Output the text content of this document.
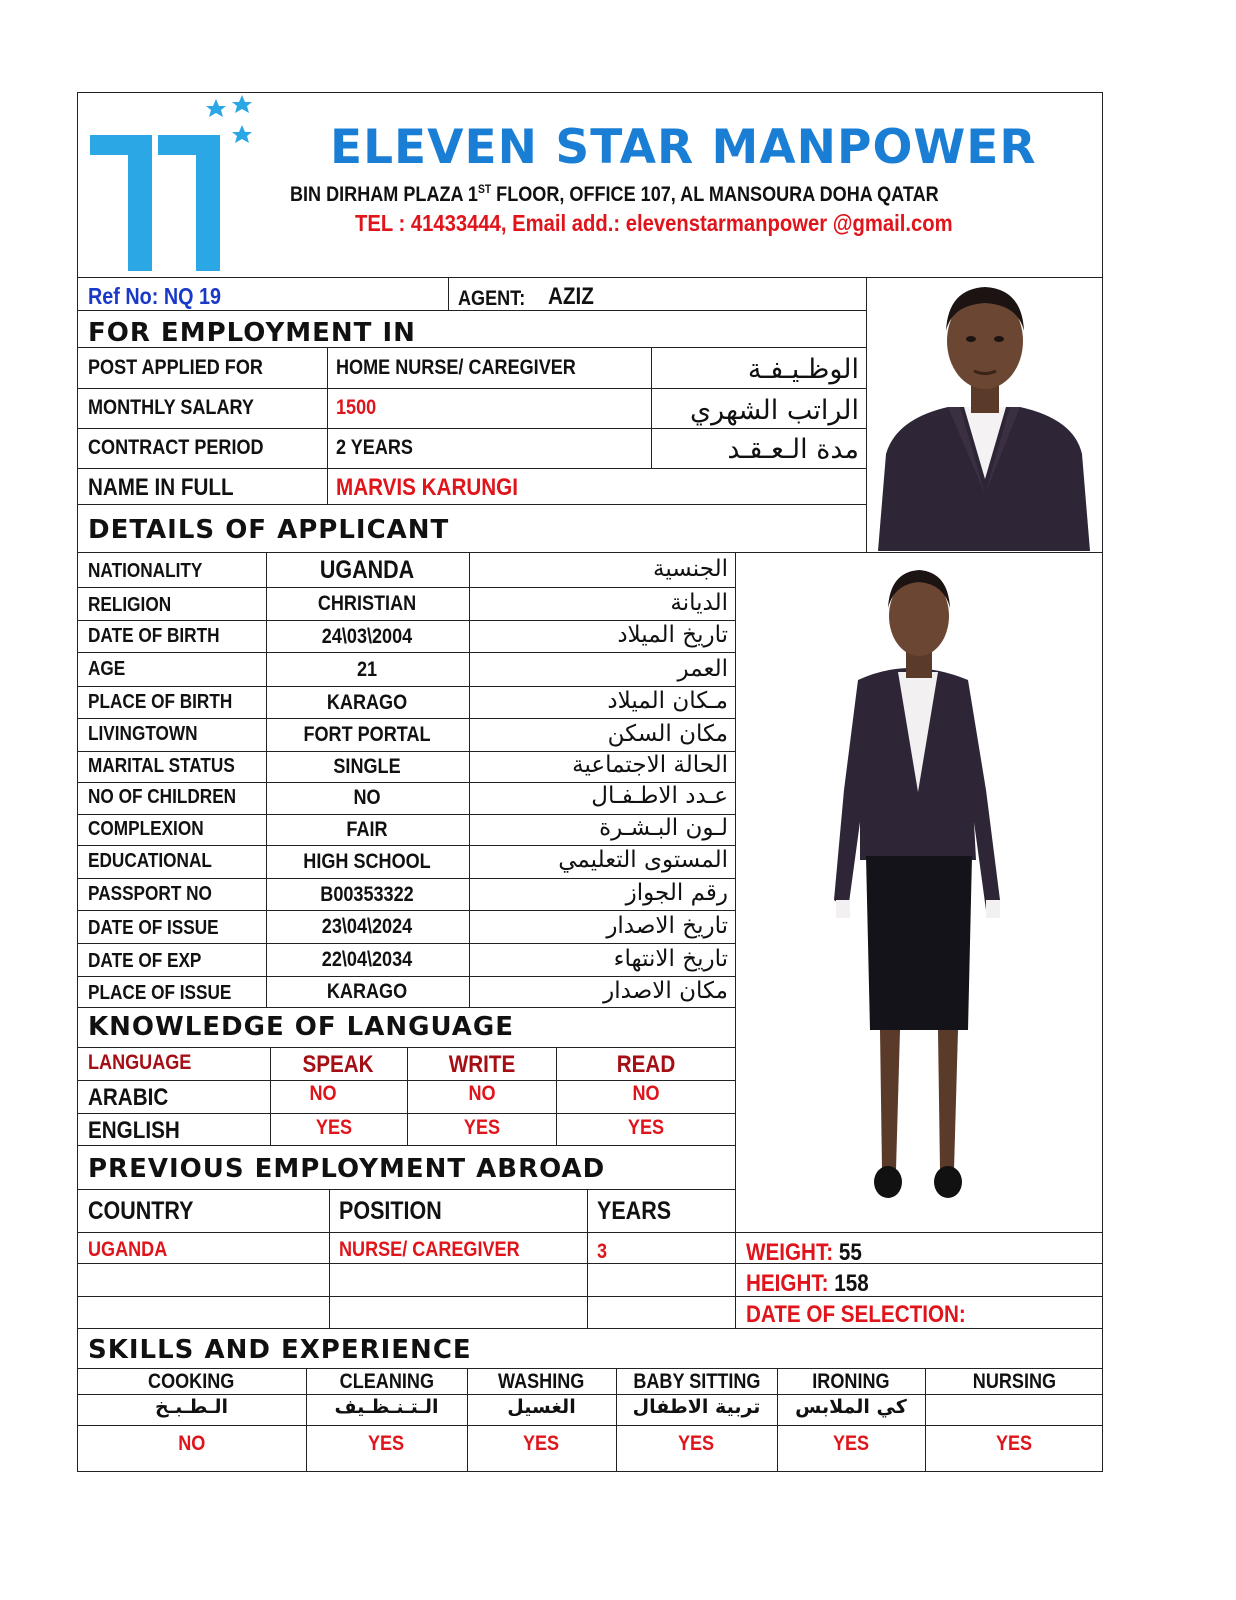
ELEVEN STAR MANPOWER
BIN DIRHAM PLAZA 1ST FLOOR, OFFICE 107, AL MANSOURA DOHA QATAR
TEL : 41433444, Email add.: elevenstarmanpower @gmail.com
Ref No: NQ 19	AGENT: AZIZ
FOR EMPLOYMENT IN
POST APPLIED FOR	HOME NURSE/ CAREGIVER	الوظـيـفـة
MONTHLY SALARY	1500	الراتب الشهري
CONTRACT PERIOD	2 YEARS	مدة الـعـقـد
NAME IN FULL	MARVIS KARUNGI
DETAILS OF APPLICANT
NATIONALITY	UGANDA	الجنسية
RELIGION	CHRISTIAN	الديانة
DATE OF BIRTH	24\03\2004	تاريخ الميلاد
AGE	21	العمر
PLACE OF BIRTH	KARAGO	مـكان الميلاد
LIVINGTOWN	FORT PORTAL	مكان السكن
MARITAL STATUS	SINGLE	الحالة الاجتماعية
NO OF CHILDREN	NO	عـدد الاطـفـال
COMPLEXION	FAIR	لـون البـشـرة
EDUCATIONAL	HIGH SCHOOL	المستوى التعليمي
PASSPORT NO	B00353322	رقم الجواز
DATE OF ISSUE	23\04\2024	تاريخ الاصدار
DATE OF EXP	22\04\2034	تاريخ الانتهاء
PLACE OF ISSUE	KARAGO	مكان الاصدار
KNOWLEDGE OF LANGUAGE
LANGUAGE	SPEAK	WRITE	READ
ARABIC	NO	NO	NO
ENGLISH	YES	YES	YES
PREVIOUS EMPLOYMENT ABROAD
COUNTRY	POSITION	YEARS
UGANDA	NURSE/ CAREGIVER	3	WEIGHT: 55
HEIGHT: 158
DATE OF SELECTION:
SKILLS AND EXPERIENCE
COOKING	CLEANING	WASHING	BABY SITTING	IRONING	NURSING
الـطـبـخ	الـتـنـظـيف	الغسيل	تربية الاطفال	كي الملابس
NO	YES	YES	YES	YES	YES
